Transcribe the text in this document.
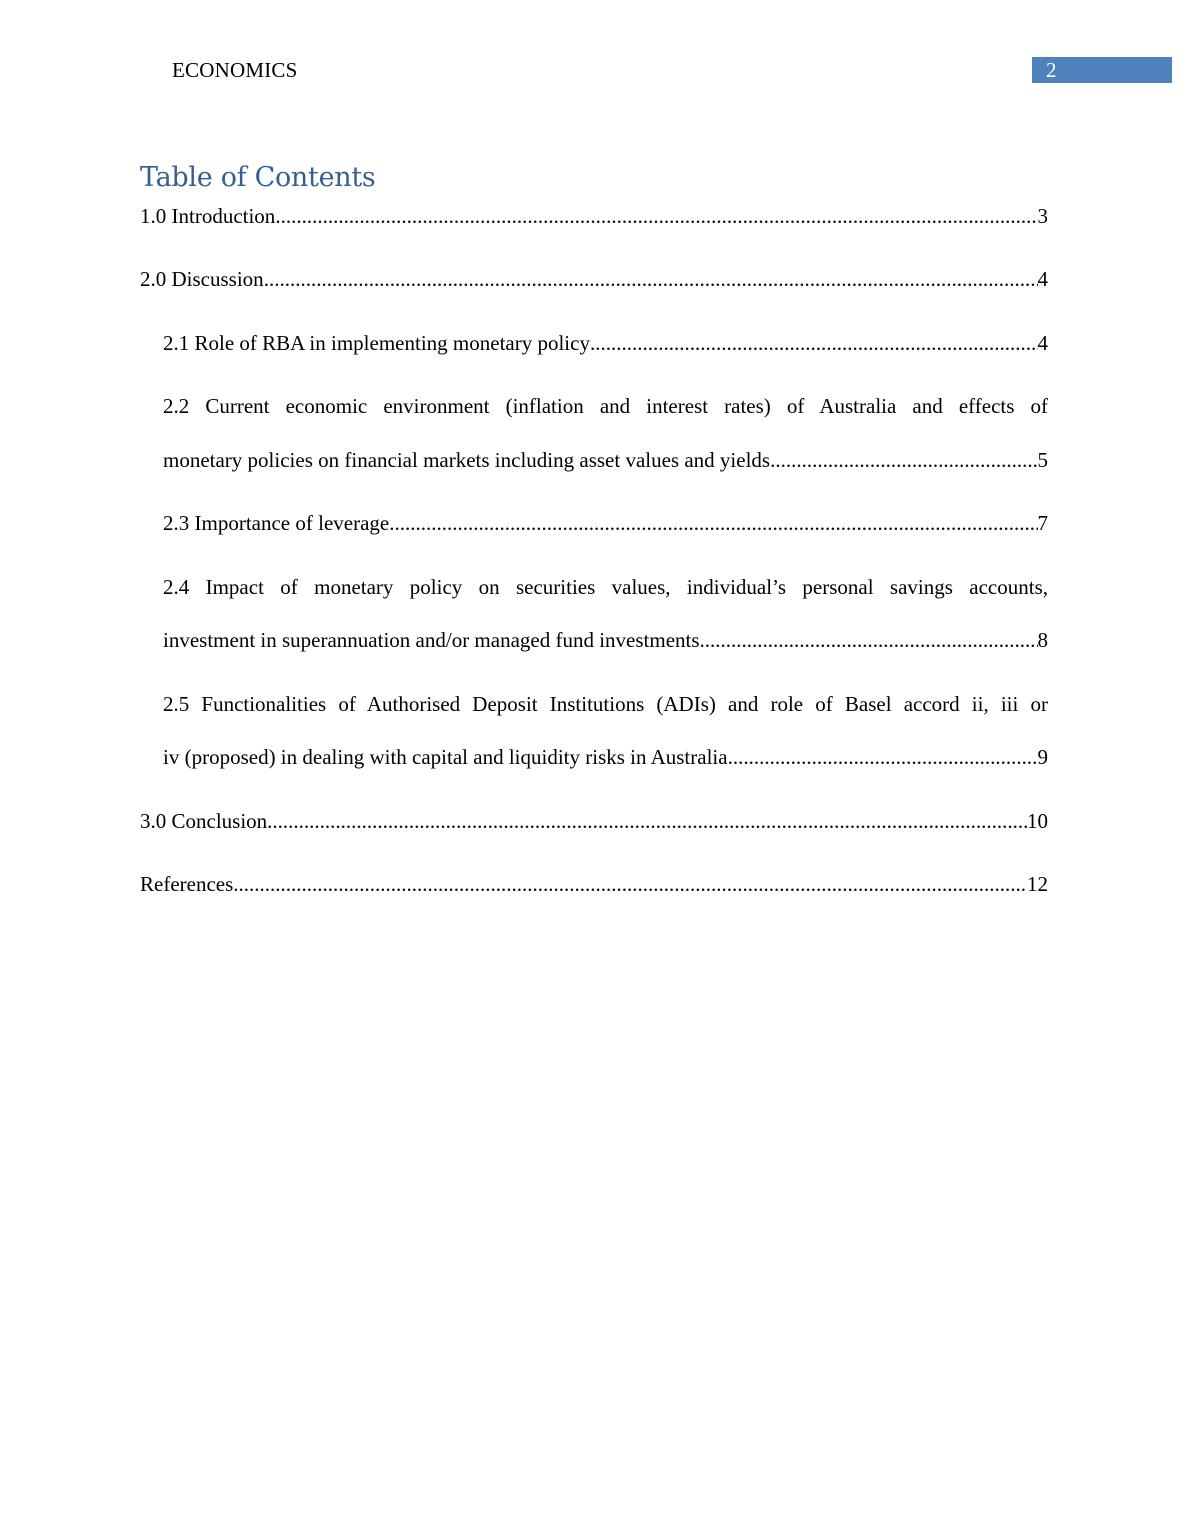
ECONOMICS	2
Table of Contents
1.0 Introduction .....	3
2.0 Discussion .....	4
2.1 Role of RBA in implementing monetary policy .....	4
2.2 Current economic environment (inflation and interest rates) of Australia and effects of
monetary policies on financial markets including asset values and yields .....	5
2.3 Importance of leverage .....	7
2.4 Impact of monetary policy on securities values, individual’s personal savings accounts,
investment in superannuation and/or managed fund investments .....	8
2.5 Functionalities of Authorised Deposit Institutions (ADIs) and role of Basel accord ii, iii or
iv (proposed) in dealing with capital and liquidity risks in Australia .....	9
3.0 Conclusion .....	10
References .....	12
